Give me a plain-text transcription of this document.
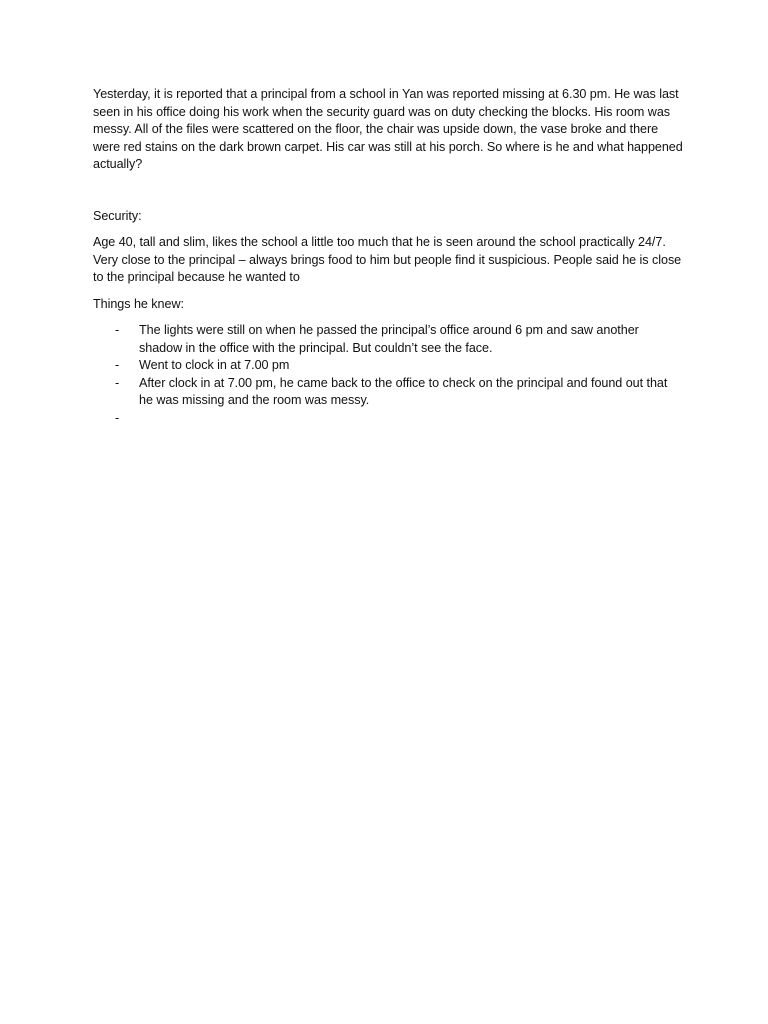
Yesterday, it is reported that a principal from a school in Yan was reported missing at 6.30 pm. He was last seen in his office doing his work when the security guard was on duty checking the blocks. His room was messy. All of the files were scattered on the floor, the chair was upside down, the vase broke and there were red stains on the dark brown carpet. His car was still at his porch. So where is he and what happened actually?

Security:

Age 40, tall and slim, likes the school a little too much that he is seen around the school practically 24/7. Very close to the principal – always brings food to him but people find it suspicious. People said he is close to the principal because he wanted to

Things he knew:

- The lights were still on when he passed the principal’s office around 6 pm and saw another shadow in the office with the principal. But couldn’t see the face.
- Went to clock in at 7.00 pm
- After clock in at 7.00 pm, he came back to the office to check on the principal and found out that he was missing and the room was messy.
-
